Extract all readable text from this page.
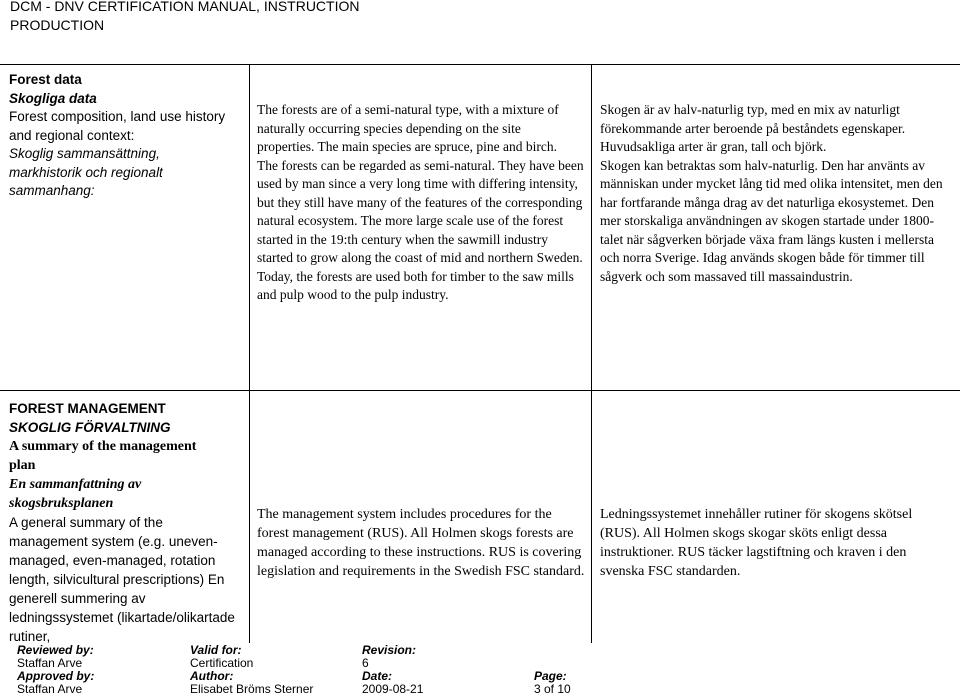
DCM - DNV CERTIFICATION MANUAL, INSTRUCTION
PRODUCTION
Forest data
Skogliga data
Forest composition, land use history and regional context:
Skoglig sammansättning, markhistorik och regionalt sammanhang:

The forests are of a semi-natural type, with a mixture of naturally occurring species depending on the site properties. The main species are spruce, pine and birch.

The forests can be regarded as semi-natural. They have been used by man since a very long time with differing intensity, but they still have many of the features of the corresponding natural ecosystem. The more large scale use of the forest started in the 19:th century when the sawmill industry started to grow along the coast of mid and northern Sweden. Today, the forests are used both for timber to the saw mills and pulp wood to the pulp industry.

Skogen är av halv-naturlig typ, med en mix av naturligt förekommande arter beroende på beståndets egenskaper. Huvudsakliga arter är gran, tall och björk.

Skogen kan betraktas som halv-naturlig. Den har använts av människan under mycket lång tid med olika intensitet, men den har fortfarande många drag av det naturliga ekosystemet. Den mer storskaliga användningen av skogen startade under 1800-talet när sågverken började växa fram längs kusten i mellersta och norra Sverige. Idag används skogen både för timmer till sågverk och som massaved till massaindustrin.

FOREST MANAGEMENT
SKOGLIG FÖRVALTNING
A summary of the management plan
En sammanfattning av skogsbruksplanen
A general summary of the management system (e.g. uneven-managed, even-managed, rotation length, silvicultural prescriptions) En generell summering av ledningssystemet (likartade/olikartade rutiner,
The management system includes procedures for the forest management (RUS). All Holmen skogs forests are managed according to these instructions. RUS is covering legislation and requirements in the Swedish FSC standard.
Ledningssystemet innehåller rutiner för skogens skötsel (RUS). All Holmen skogs skogar sköts enligt dessa instruktioner. RUS täcker lagstiftning och kraven i den svenska FSC standarden.
Reviewed by:
Staffan Arve
Approved by:
Staffan Arve
Valid for:
Certification
Author:
Elisabet Bröms Sterner
Revision:
6
Date:
2009-08-21
Page:
3 of 10
